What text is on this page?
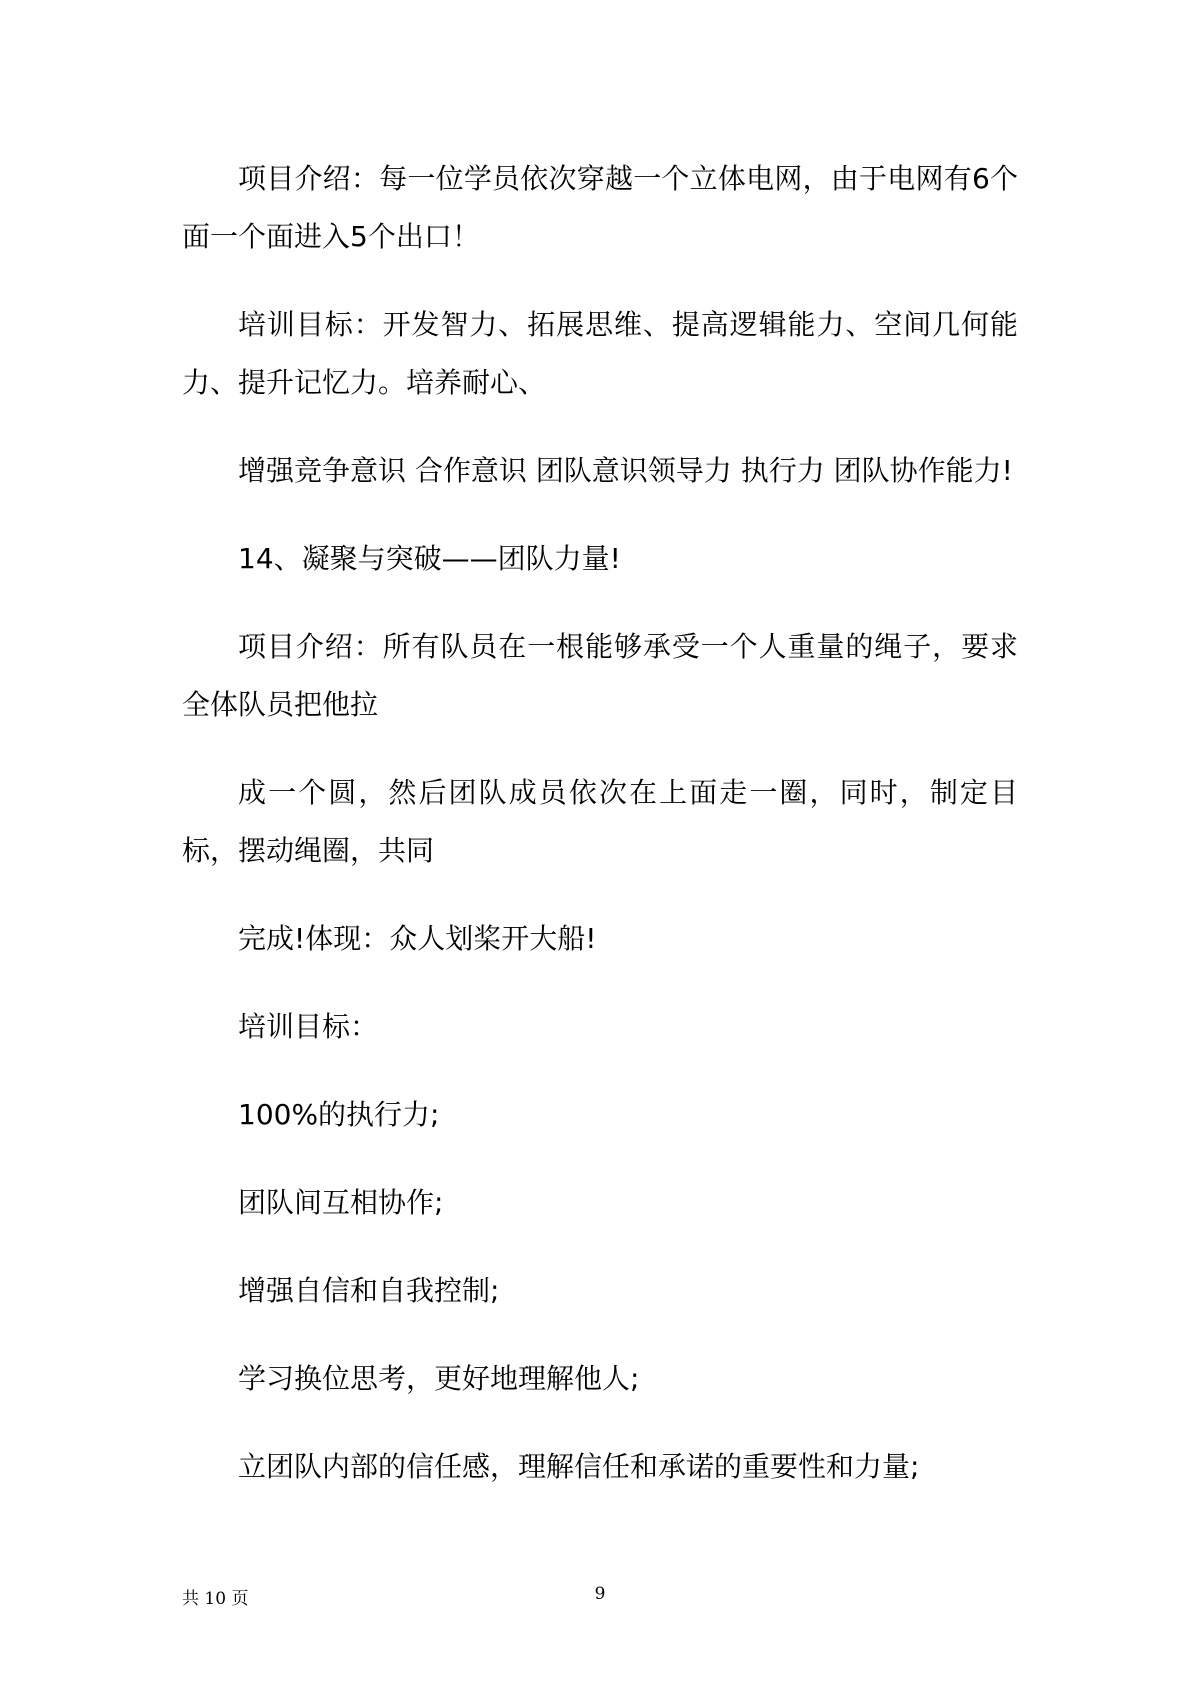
项目介绍：每一位学员依次穿越一个立体电网，由于电网有6个面一个面进入5个出口！

培训目标：开发智力、拓展思维、提高逻辑能力、空间几何能力、提升记忆力。培养耐心、

增强竞争意识 合作意识 团队意识领导力 执行力 团队协作能力!

14、凝聚与突破——团队力量!

项目介绍：所有队员在一根能够承受一个人重量的绳子，要求全体队员把他拉

成一个圆，然后团队成员依次在上面走一圈，同时，制定目标，摆动绳圈，共同

完成!体现：众人划桨开大船!

培训目标：

100%的执行力;

团队间互相协作;

增强自信和自我控制;

学习换位思考，更好地理解他人;

立团队内部的信任感，理解信任和承诺的重要性和力量;

共 10 页	9
